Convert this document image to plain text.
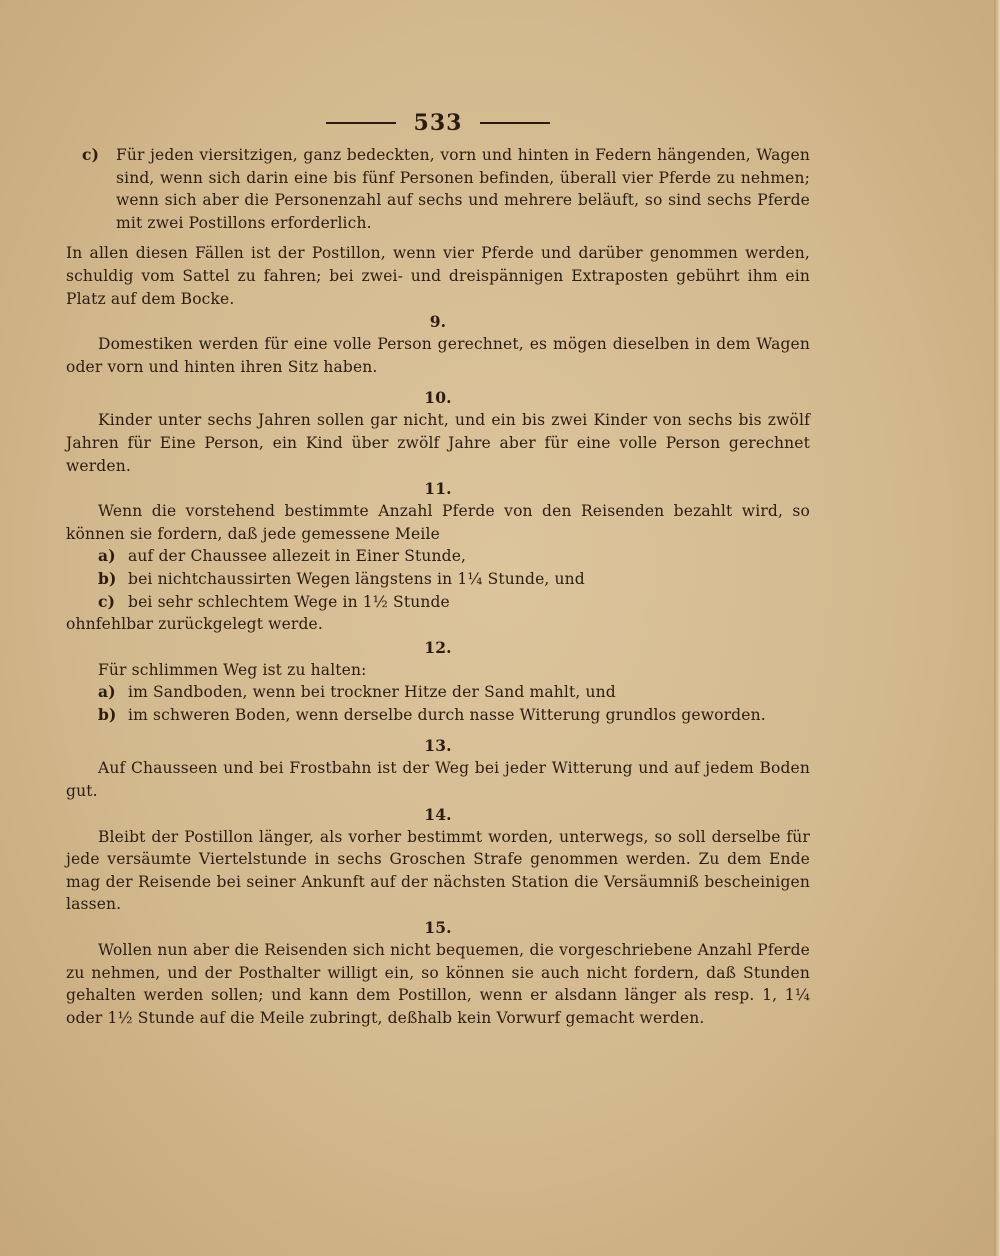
533
c)	Für jeden viersitzigen, ganz bedeckten, vorn und hinten in Federn hängenden, Wagen sind, wenn sich darin eine bis fünf Personen befinden, überall vier Pferde zu nehmen; wenn sich aber die Personenzahl auf sechs und mehrere beläuft, so sind sechs Pferde mit zwei Postillons erforderlich.

In allen diesen Fällen ist der Postillon, wenn vier Pferde und darüber genommen werden, schuldig vom Sattel zu fahren; bei zwei- und dreispännigen Extraposten gebührt ihm ein Platz auf dem Bocke.

9.

Domestiken werden für eine volle Person gerechnet, es mögen dieselben in dem Wagen oder vorn und hinten ihren Sitz haben.

10.

Kinder unter sechs Jahren sollen gar nicht, und ein bis zwei Kinder von sechs bis zwölf Jahren für Eine Person, ein Kind über zwölf Jahre aber für eine volle Person gerechnet werden.

11.

Wenn die vorstehend bestimmte Anzahl Pferde von den Reisenden bezahlt wird, so können sie fordern, daß jede gemessene Meile

a) auf der Chaussee allezeit in Einer Stunde,
b) bei nichtchaussirten Wegen längstens in 1¼ Stunde, und
c) bei sehr schlechtem Wege in 1½ Stunde

ohnfehlbar zurückgelegt werde.

12.

Für schlimmen Weg ist zu halten:

a) im Sandboden, wenn bei trockner Hitze der Sand mahlt, und
b) im schweren Boden, wenn derselbe durch nasse Witterung grundlos geworden.
13.

Auf Chausseen und bei Frostbahn ist der Weg bei jeder Witterung und auf jedem Boden gut.

14.

Bleibt der Postillon länger, als vorher bestimmt worden, unterwegs, so soll derselbe für jede versäumte Viertelstunde in sechs Groschen Strafe genommen werden. Zu dem Ende mag der Reisende bei seiner Ankunft auf der nächsten Station die Versäumniß bescheinigen lassen.

15.

Wollen nun aber die Reisenden sich nicht bequemen, die vorgeschriebene Anzahl Pferde zu nehmen, und der Posthalter willigt ein, so können sie auch nicht fordern, daß Stunden gehalten werden sollen; und kann dem Postillon, wenn er alsdann länger als resp. 1, 1¼ oder 1½ Stunde auf die Meile zubringt, deßhalb kein Vorwurf gemacht werden.
